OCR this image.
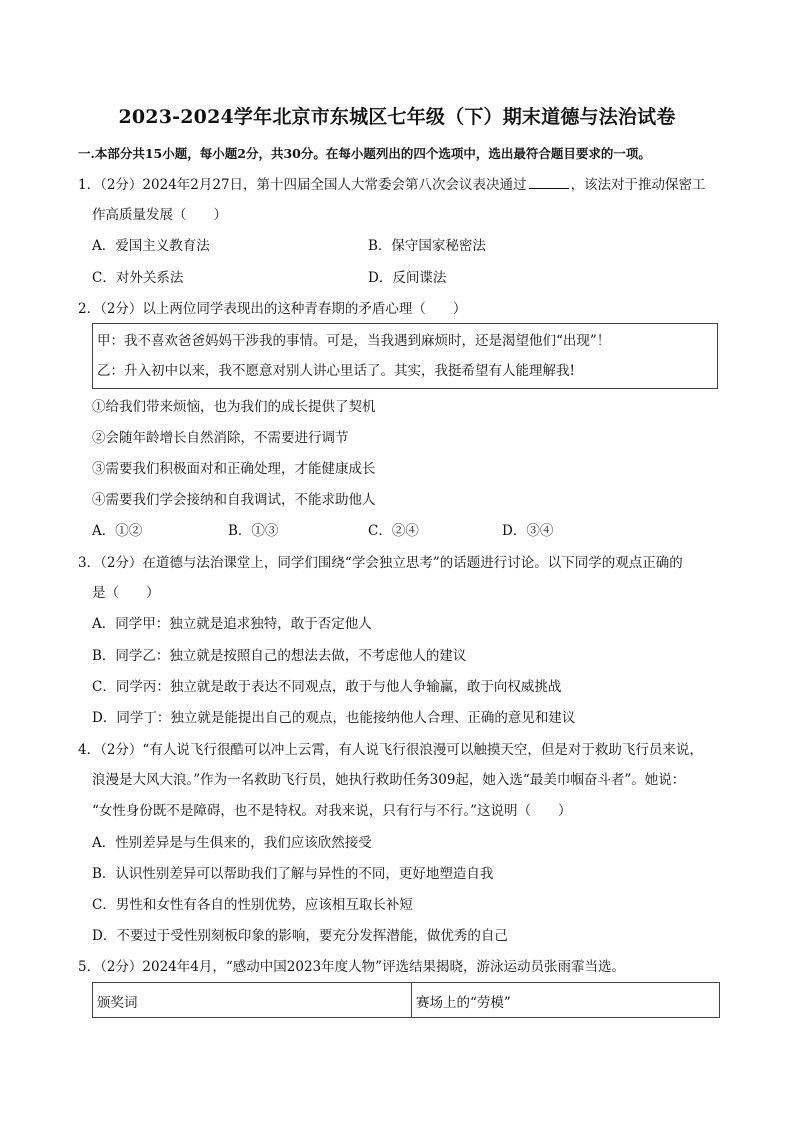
2023-2024学年北京市东城区七年级（下）期末道德与法治试卷
一.本部分共15小题，每小题2分，共30分。在每小题列出的四个选项中，选出最符合题目要求的一项。
1．（2分）2024年2月27日，第十四届全国人大常委会第八次会议表决通过	，该法对于推动保密工
作高质量发展（　　）
A．爱国主义教育法	B．保守国家秘密法
C．对外关系法	D．反间谍法
2．（2分）以上两位同学表现出的这种青春期的矛盾心理（　　）
甲：我不喜欢爸爸妈妈干涉我的事情。可是，当我遇到麻烦时，还是渴望他们“出现”！
乙：升入初中以来，我不愿意对别人讲心里话了。其实，我挺希望有人能理解我!
①给我们带来烦恼，也为我们的成长提供了契机
②会随年龄增长自然消除，不需要进行调节
③需要我们积极面对和正确处理，才能健康成长
④需要我们学会接纳和自我调试，不能求助他人
A．①②	B．①③	C．②④	D．③④
3．（2分）在道德与法治课堂上，同学们围绕“学会独立思考”的话题进行讨论。以下同学的观点正确的
是（　　）
A．同学甲：独立就是追求独特，敢于否定他人
B．同学乙：独立就是按照自己的想法去做，不考虑他人的建议
C．同学丙：独立就是敢于表达不同观点，敢于与他人争输赢，敢于向权威挑战
D．同学丁：独立就是能提出自己的观点，也能接纳他人合理、正确的意见和建议
4．（2分）“有人说飞行很酷可以冲上云霄，有人说飞行很浪漫可以触摸天空，但是对于救助飞行员来说，
浪漫是大风大浪。”作为一名救助飞行员，她执行救助任务309起，她入选“最美巾帼奋斗者”。她说：
“女性身份既不是障碍，也不是特权。对我来说，只有行与不行。”这说明（　　）
A．性别差异是与生俱来的，我们应该欣然接受
B．认识性别差异可以帮助我们了解与异性的不同，更好地塑造自我
C．男性和女性有各自的性别优势，应该相互取长补短
D．不要过于受性别刻板印象的影响，要充分发挥潜能，做优秀的自己
5．（2分）2024年4月，“感动中国2023年度人物”评选结果揭晓，游泳运动员张雨霏当选。
颁奖词	赛场上的“劳模”
